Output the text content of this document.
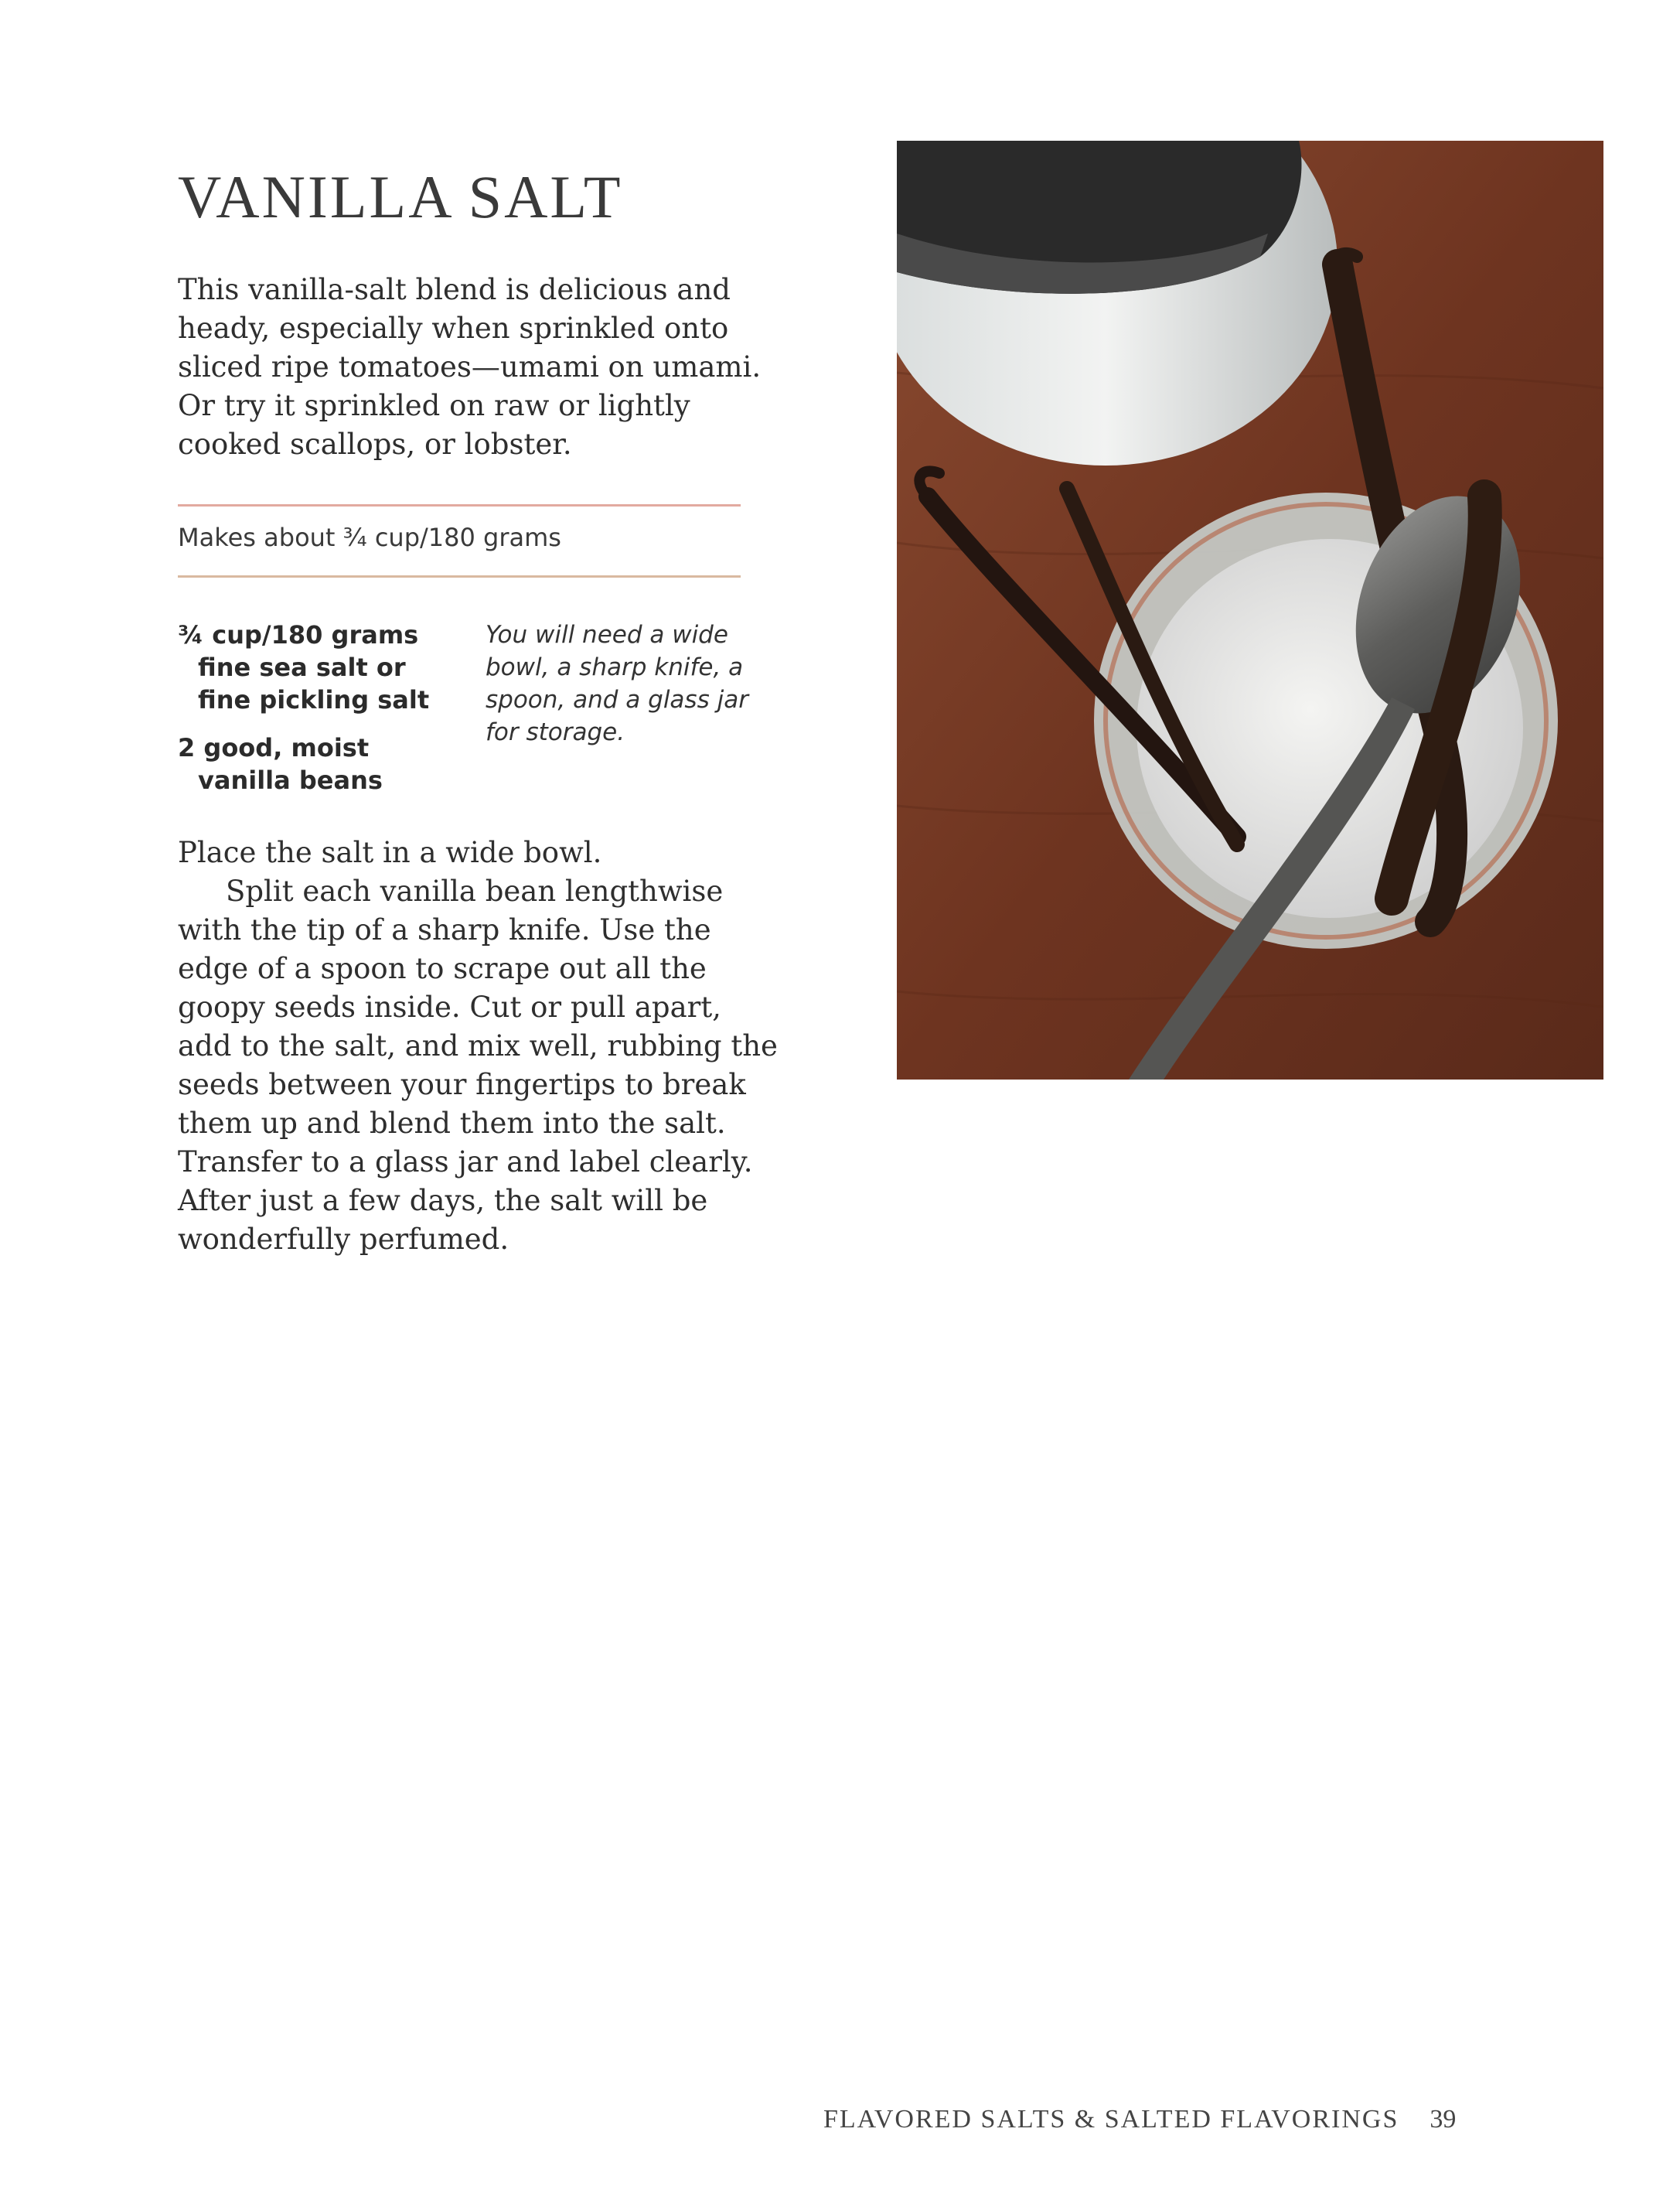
VANILLA SALT

This vanilla-salt blend is delicious and heady, especially when sprinkled onto sliced ripe tomatoes—umami on umami. Or try it sprinkled on raw or lightly cooked scallops, or lobster.

Makes about ¾ cup/180 grams

¾ cup/180 grams fine sea salt or fine pickling salt
2 good, moist vanilla beans

You will need a wide bowl, a sharp knife, a spoon, and a glass jar for storage.

Place the salt in a wide bowl.

Split each vanilla bean lengthwise with the tip of a sharp knife. Use the edge of a spoon to scrape out all the goopy seeds inside. Cut or pull apart, add to the salt, and mix well, rubbing the seeds between your fingertips to break them up and blend them into the salt. Transfer to a glass jar and label clearly. After just a few days, the salt will be wonderfully perfumed.

FLAVORED SALTS & SALTED FLAVORINGS 39
